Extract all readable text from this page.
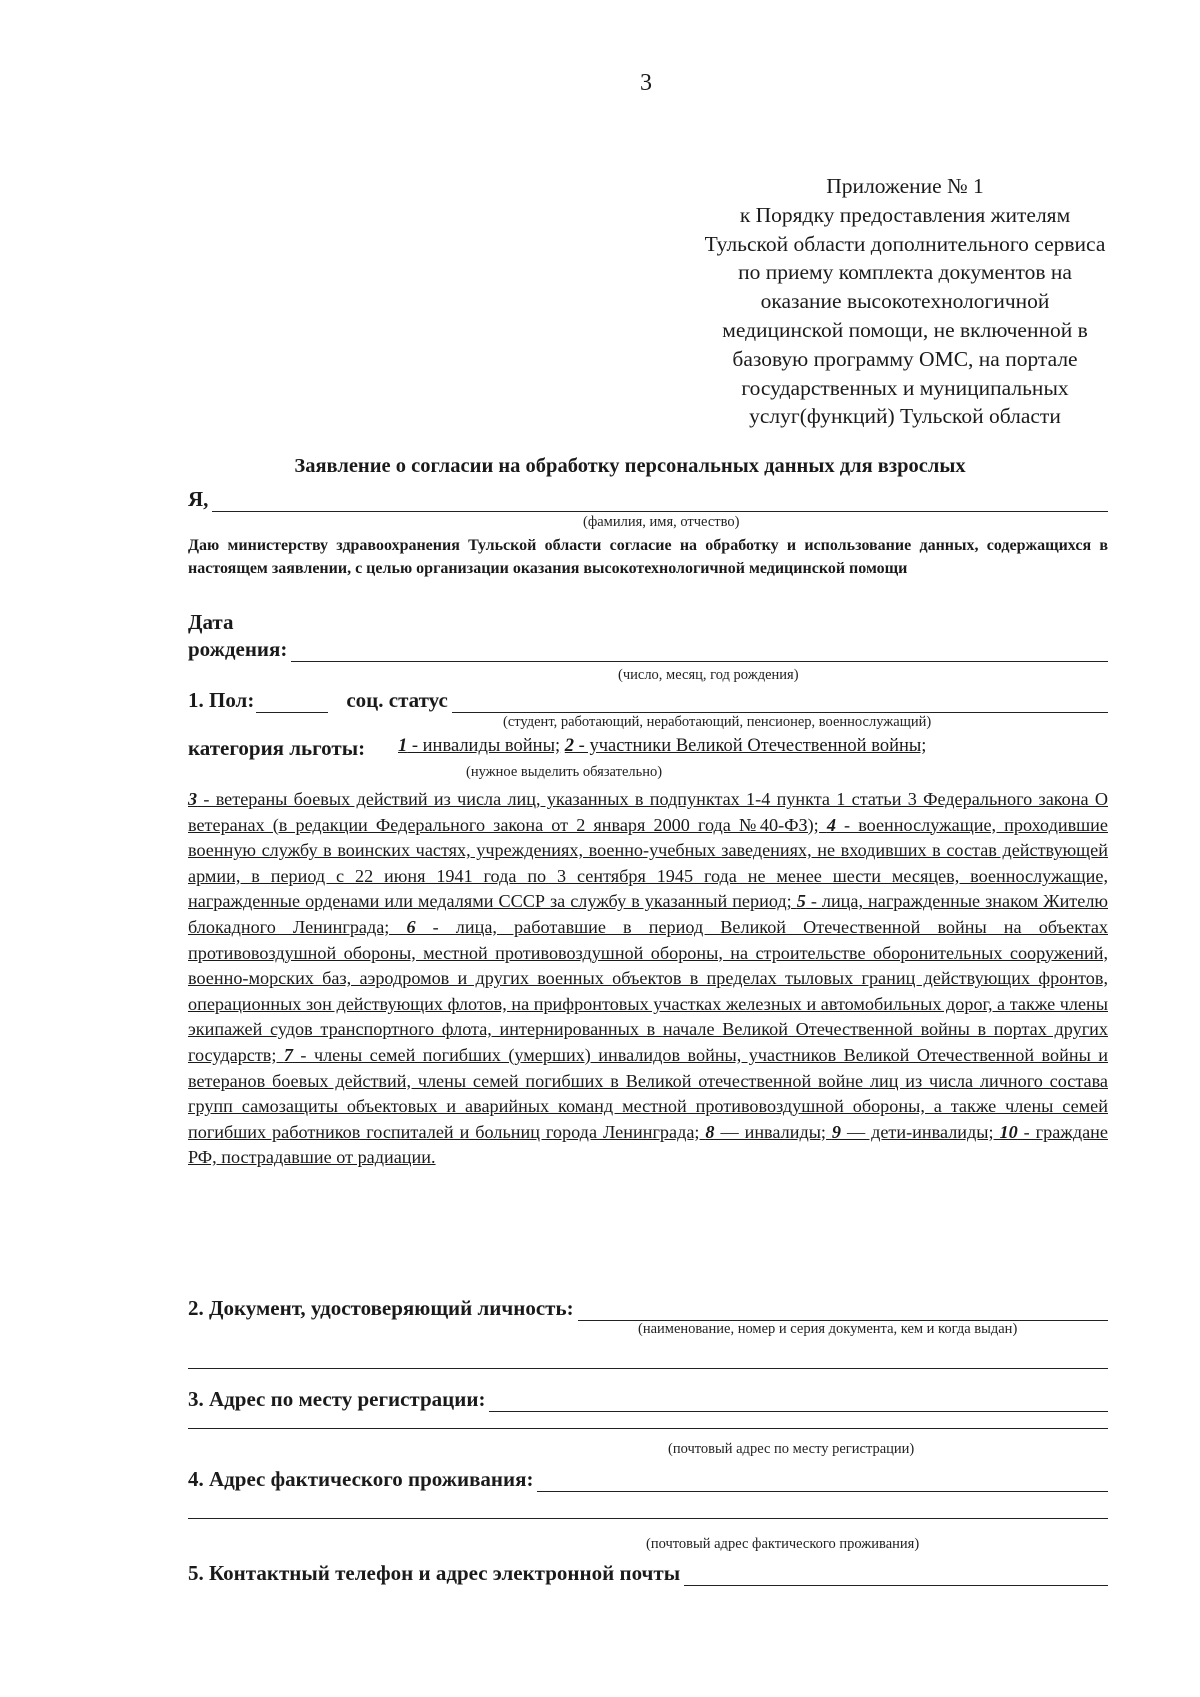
3
Приложение № 1
к Порядку предоставления жителям
Тульской области дополнительного сервиса
по приему комплекта документов на
оказание высокотехнологичной
медицинской помощи, не включенной в
базовую программу ОМС, на портале
государственных и муниципальных
услуг(функций) Тульской области
Заявление о согласии на обработку персональных данных для взрослых
Я,
(фамилия, имя, отчество)
Даю министерству здравоохранения Тульской области согласие на обработку и использование данных, содержащихся в настоящем заявлении, с целью организации оказания высокотехнологичной медицинской помощи
Дата
рождения:
(число, месяц, год рождения)
1. Пол:	соц. статус
(студент, работающий, неработающий, пенсионер, военнослужащий)
категория льготы: 1 - инвалиды войны; 2 - участники Великой Отечественной войны;
(нужное выделить обязательно)
3 - ветераны боевых действий из числа лиц, указанных в подпунктах 1-4 пункта 1 статьи 3 Федерального закона О ветеранах (в редакции Федерального закона от 2 января 2000 года №40-ФЗ); 4 - военнослужащие, проходившие военную службу в воинских частях, учреждениях, военно-учебных заведениях, не входивших в состав действующей армии, в период с 22 июня 1941 года по 3 сентября 1945 года не менее шести месяцев, военнослужащие, награжденные орденами или медалями СССР за службу в указанный период; 5 - лица, награжденные знаком Жителю блокадного Ленинграда; 6 - лица, работавшие в период Великой Отечественной войны на объектах противовоздушной обороны, местной противовоздушной обороны, на строительстве оборонительных сооружений, военно-морских баз, аэродромов и других военных объектов в пределах тыловых границ действующих фронтов, операционных зон действующих флотов, на прифронтовых участках железных и автомобильных дорог, а также члены экипажей судов транспортного флота, интернированных в начале Великой Отечественной войны в портах других государств; 7 - члены семей погибших (умерших) инвалидов войны, участников Великой Отечественной войны и ветеранов боевых действий, члены семей погибших в Великой отечественной войне лиц из числа личного состава групп самозащиты объектовых и аварийных команд местной противовоздушной обороны, а также члены семей погибших работников госпиталей и больниц города Ленинграда; 8 — инвалиды; 9 — дети-инвалиды; 10 - граждане РФ, пострадавшие от радиации.
2. Документ, удостоверяющий личность:
(наименование, номер и серия документа, кем и когда выдан)
3. Адрес по месту регистрации:
(почтовый адрес по месту регистрации)
4. Адрес фактического проживания:
(почтовый адрес фактического проживания)
5. Контактный телефон и адрес электронной почты
